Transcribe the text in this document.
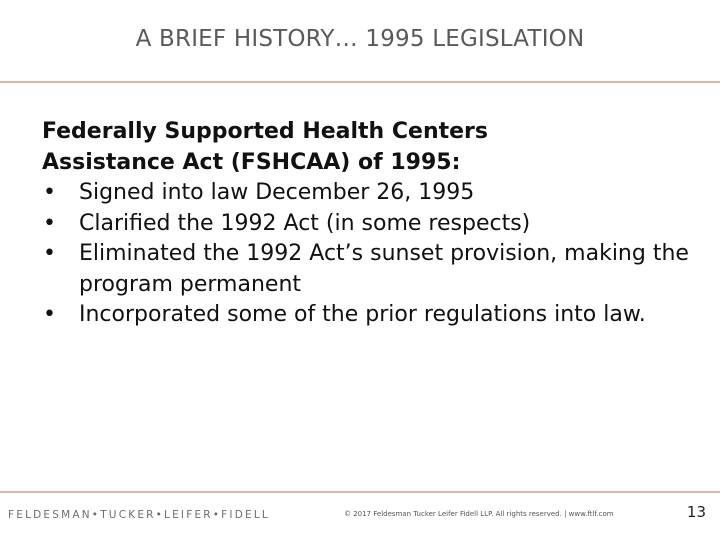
A BRIEF HISTORY… 1995 LEGISLATION
Federally Supported Health Centers
Assistance Act (FSHCAA) of 1995:
• Signed into law December 26, 1995
• Clarified the 1992 Act (in some respects)
• Eliminated the 1992 Act’s sunset provision, making the program permanent
• Incorporated some of the prior regulations into law.
FELDESMAN•TUCKER•LEIFER•FIDELL	© 2017 Feldesman Tucker Leifer Fidell LLP. All rights reserved. | www.ftlf.com	13
